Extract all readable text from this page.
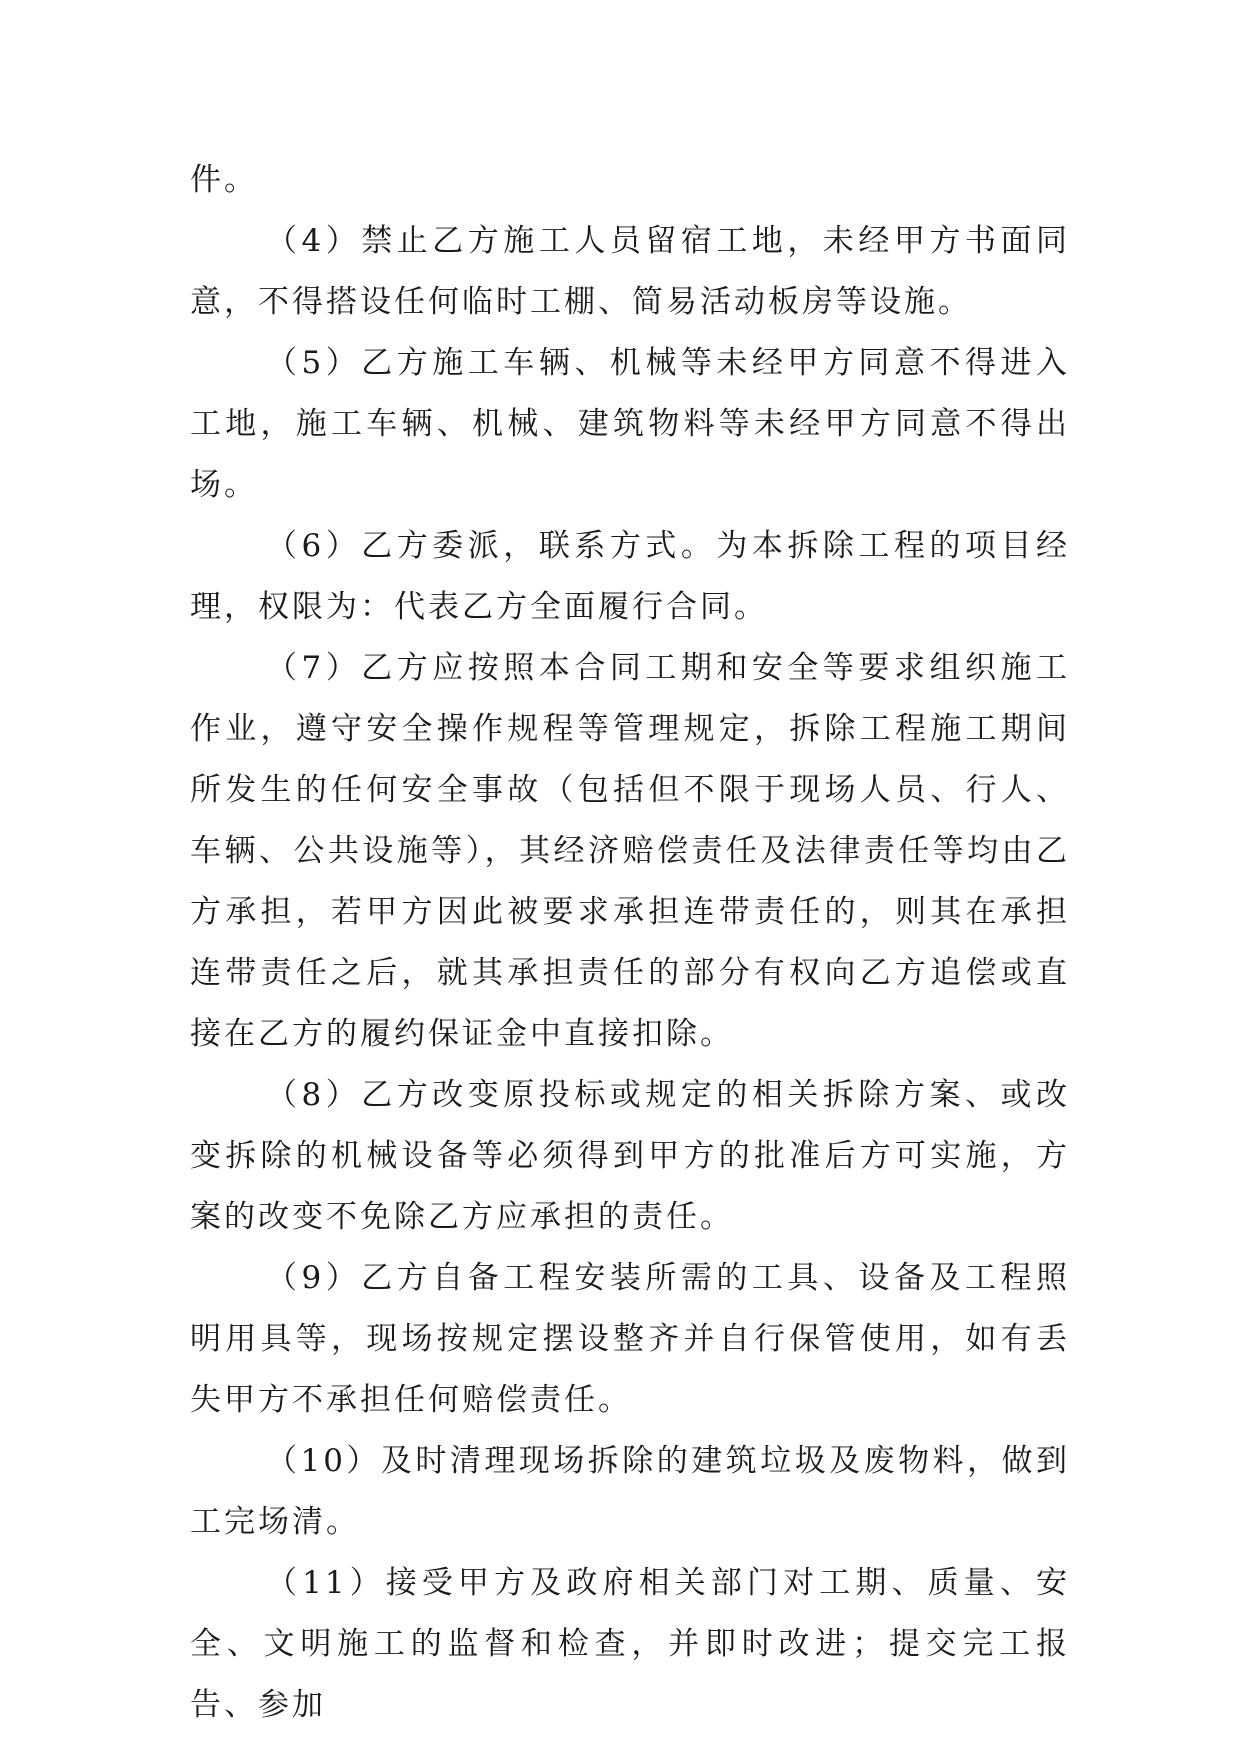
件。

（4）禁止乙方施工人员留宿工地，未经甲方书面同意，不得搭设任何临时工棚、简易活动板房等设施。

（5）乙方施工车辆、机械等未经甲方同意不得进入工地，施工车辆、机械、建筑物料等未经甲方同意不得出场。

（6）乙方委派，联系方式。为本拆除工程的项目经理，权限为：代表乙方全面履行合同。

（7）乙方应按照本合同工期和安全等要求组织施工作业，遵守安全操作规程等管理规定，拆除工程施工期间所发生的任何安全事故（包括但不限于现场人员、行人、车辆、公共设施等），其经济赔偿责任及法律责任等均由乙方承担，若甲方因此被要求承担连带责任的，则其在承担连带责任之后，就其承担责任的部分有权向乙方追偿或直接在乙方的履约保证金中直接扣除。

（8）乙方改变原投标或规定的相关拆除方案、或改变拆除的机械设备等必须得到甲方的批准后方可实施，方案的改变不免除乙方应承担的责任。

（9）乙方自备工程安装所需的工具、设备及工程照明用具等，现场按规定摆设整齐并自行保管使用，如有丢失甲方不承担任何赔偿责任。

（10）及时清理现场拆除的建筑垃圾及废物料，做到工完场清。

（11）接受甲方及政府相关部门对工期、质量、安全、文明施工的监督和检查，并即时改进；提交完工报告、参加
